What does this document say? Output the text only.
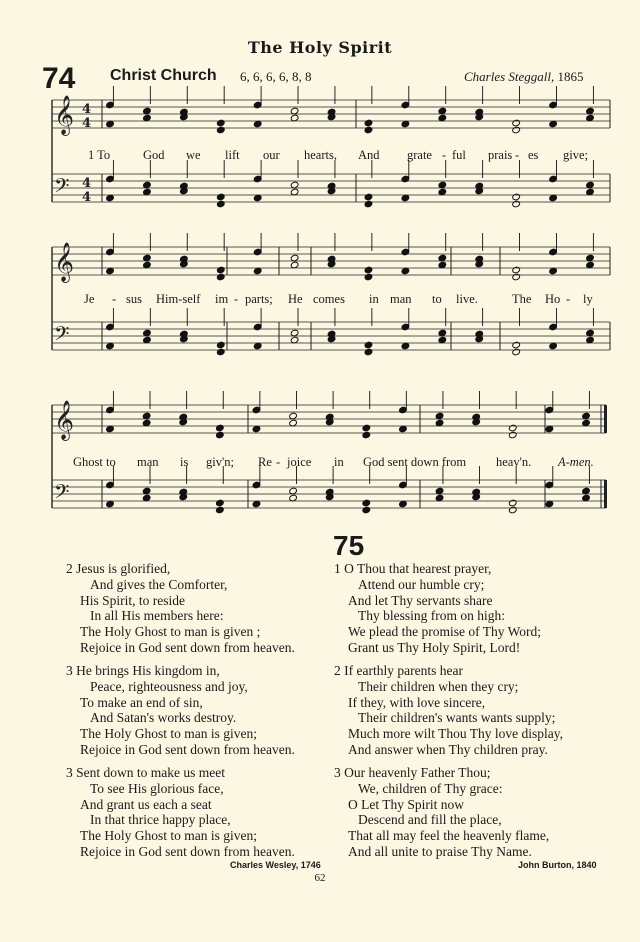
The Holy Spirit
74 Christ Church 6, 6, 6, 6, 8, 8	Charles Steggall, 1865
𝄞 4
4
𝄢 4
4
𝄞
𝄢
𝄞
𝄢
1 To	God we lift our hearts, And grate - ful prais - es give;
Je - sus Him-self im - parts; He comes in man to live.	The Ho - ly
Ghost to man is giv'n; Re - joice in God sent down from heav'n. A-men.
75
2 Jesus is glorified,
And gives the Comforter,
His Spirit, to reside
In all His members here:
The Holy Ghost to man is given ;
Rejoice in God sent down from heaven.
3 He brings His kingdom in,
Peace, righteousness and joy,
To make an end of sin,
And Satan's works destroy.
The Holy Ghost to man is given;
Rejoice in God sent down from heaven.
3 Sent down to make us meet
To see His glorious face,
And grant us each a seat
In that thrice happy place,
The Holy Ghost to man is given;
Rejoice in God sent down from heaven.
Charles Wesley, 1746
1 O Thou that hearest prayer,
Attend our humble cry;
And let Thy servants share
Thy blessing from on high:
We plead the promise of Thy Word;
Grant us Thy Holy Spirit, Lord!
2 If earthly parents hear
Their children when they cry;
If they, with love sincere,
Their children's wants wants supply;
Much more wilt Thou Thy love display,
And answer when Thy children pray.
3 Our heavenly Father Thou;
We, children of Thy grace:
O Let Thy Spirit now
Descend and fill the place,
That all may feel the heavenly flame,
And all unite to praise Thy Name.
John Burton, 1840
62
